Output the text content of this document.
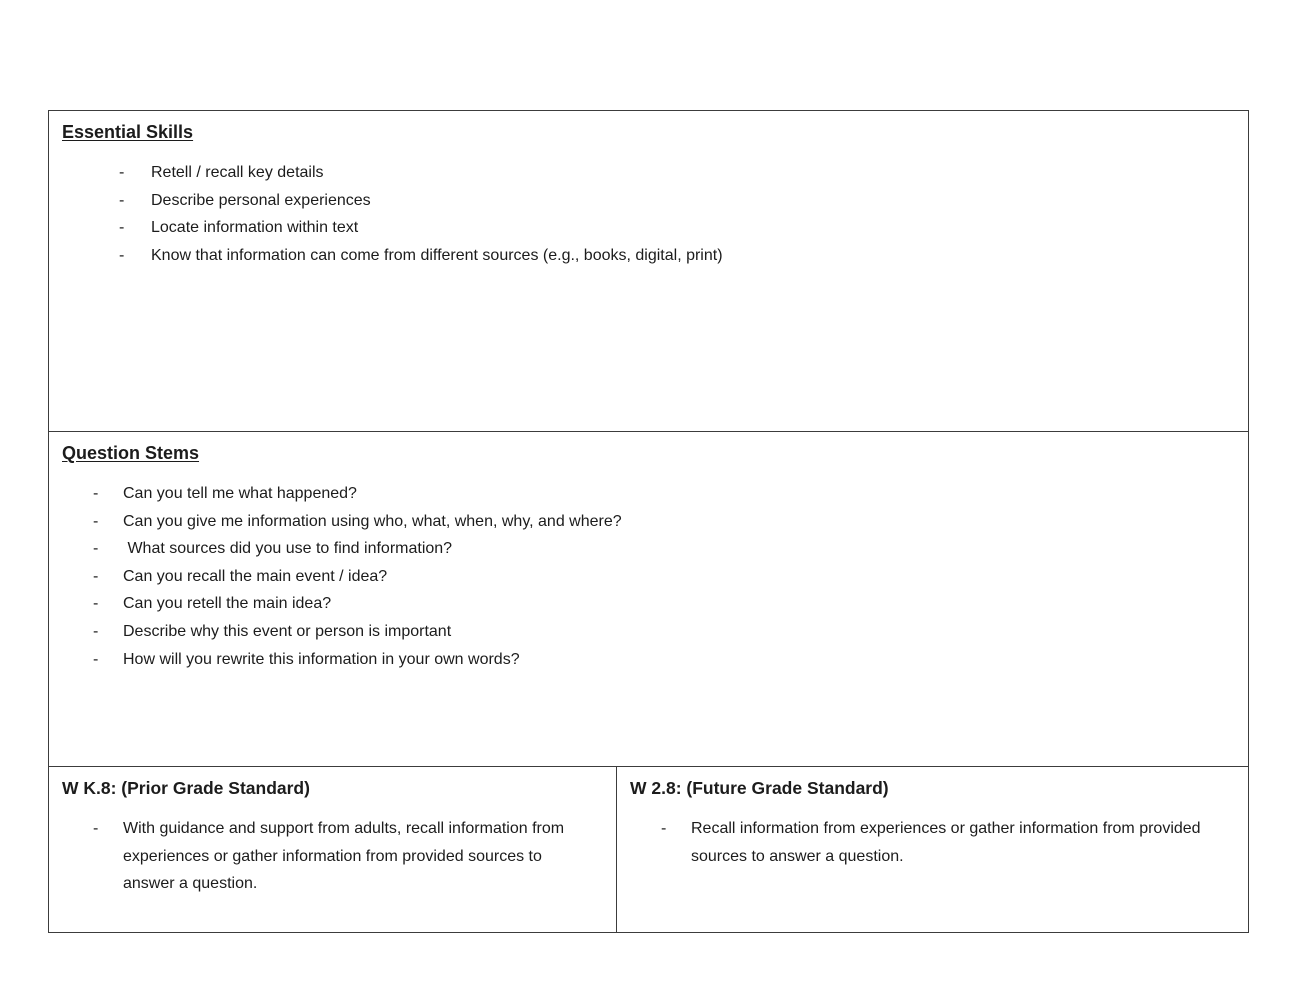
Essential Skills
-	Retell / recall key details
-	Describe personal experiences
-	Locate information within text
-	Know that information can come from different sources (e.g., books, digital, print)
Question Stems
-	Can you tell me what happened?
-	Can you give me information using who, what, when, why, and where?
-	What sources did you use to find information?
-	Can you recall the main event / idea?
-	Can you retell the main idea?
-	Describe why this event or person is important
-	How will you rewrite this information in your own words?
W K.8: (Prior Grade Standard)
-	With guidance and support from adults, recall information from experiences or gather information from provided sources to answer a question.
W 2.8: (Future Grade Standard)
-	Recall information from experiences or gather information from provided sources to answer a question.
